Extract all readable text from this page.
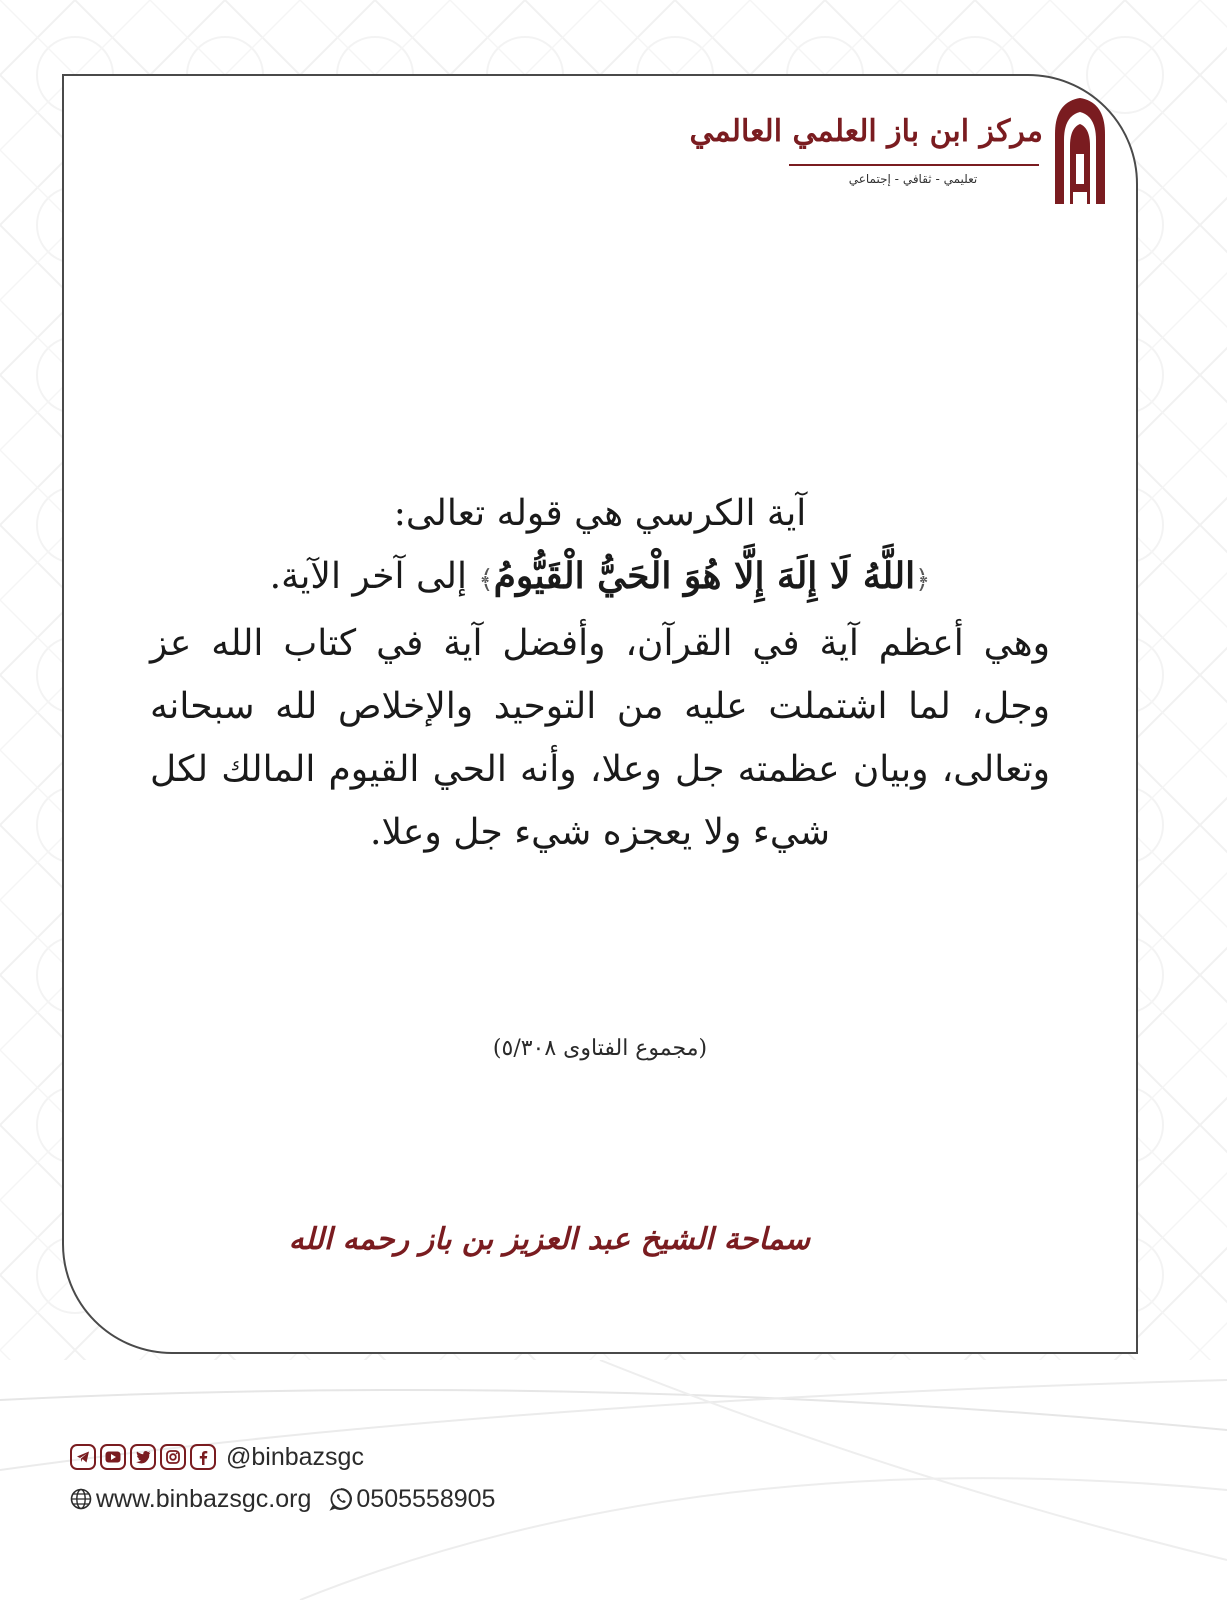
مركز ابن باز العلمي العالمي
تعليمي - ثقافي - إجتماعي

آية الكرسي هي قوله تعالى:

﴿اللَّهُ لَا إِلَهَ إِلَّا هُوَ الْحَيُّ الْقَيُّومُ﴾ إلى آخر الآية.

وهي أعظم آية في القرآن، وأفضل آية في كتاب الله عز وجل، لما اشتملت عليه من التوحيد والإخلاص لله سبحانه وتعالى، وبيان عظمته جل وعلا، وأنه الحي القيوم المالك لكل شيء ولا يعجزه شيء جل وعلا.

(مجموع الفتاوى ٥/٣٠٨)
سماحة الشيخ عبد العزيز بن باز رحمه الله
@binbazsgc
www.binbazsgc.org 0505558905
